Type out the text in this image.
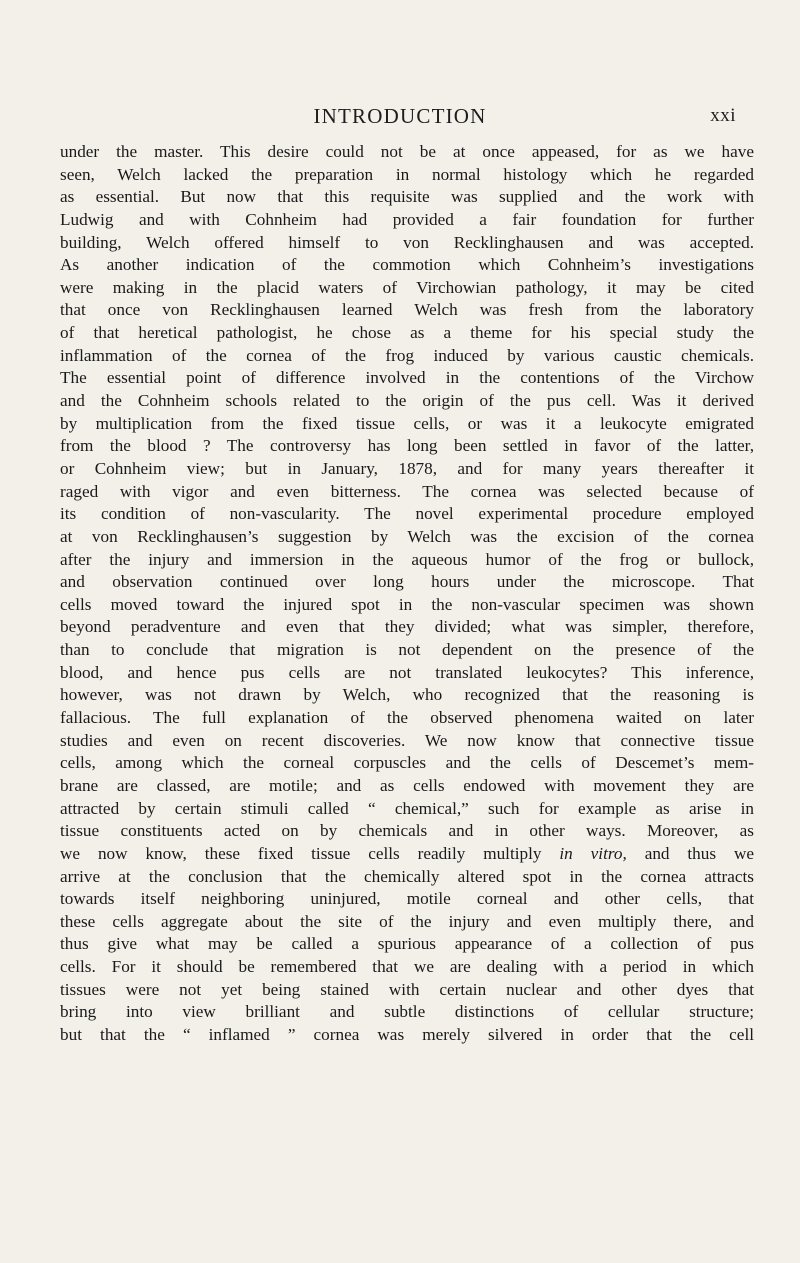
INTRODUCTION	xxi
under the master. This desire could not be at once appeased, for as we have
seen, Welch lacked the preparation in normal histology which he regarded
as essential. But now that this requisite was supplied and the work with
Ludwig and with Cohnheim had provided a fair foundation for further
building, Welch offered himself to von Recklinghausen and was accepted.
As another indication of the commotion which Cohnheim’s investigations
were making in the placid waters of Virchowian pathology, it may be cited
that once von Recklinghausen learned Welch was fresh from the laboratory
of that heretical pathologist, he chose as a theme for his special study the
inflammation of the cornea of the frog induced by various caustic chemicals.
The essential point of difference involved in the contentions of the Virchow
and the Cohnheim schools related to the origin of the pus cell. Was it derived
by multiplication from the fixed tissue cells, or was it a leukocyte emigrated
from the blood ? The controversy has long been settled in favor of the latter,
or Cohnheim view; but in January, 1878, and for many years thereafter it
raged with vigor and even bitterness. The cornea was selected because of
its condition of non-vascularity. The novel experimental procedure employed
at von Recklinghausen’s suggestion by Welch was the excision of the cornea
after the injury and immersion in the aqueous humor of the frog or bullock,
and observation continued over long hours under the microscope. That
cells moved toward the injured spot in the non-vascular specimen was shown
beyond peradventure and even that they divided; what was simpler, therefore,
than to conclude that migration is not dependent on the presence of the
blood, and hence pus cells are not translated leukocytes? This inference,
however, was not drawn by Welch, who recognized that the reasoning is
fallacious. The full explanation of the observed phenomena waited on later
studies and even on recent discoveries. We now know that connective tissue
cells, among which the corneal corpuscles and the cells of Descemet’s mem-
brane are classed, are motile; and as cells endowed with movement they are
attracted by certain stimuli called “ chemical,” such for example as arise in
tissue constituents acted on by chemicals and in other ways. Moreover, as
we now know, these fixed tissue cells readily multiply in vitro, and thus we
arrive at the conclusion that the chemically altered spot in the cornea attracts
towards itself neighboring uninjured, motile corneal and other cells, that
these cells aggregate about the site of the injury and even multiply there, and
thus give what may be called a spurious appearance of a collection of pus
cells. For it should be remembered that we are dealing with a period in which
tissues were not yet being stained with certain nuclear and other dyes that
bring into view brilliant and subtle distinctions of cellular structure;
but that the “ inflamed ” cornea was merely silvered in order that the cell
